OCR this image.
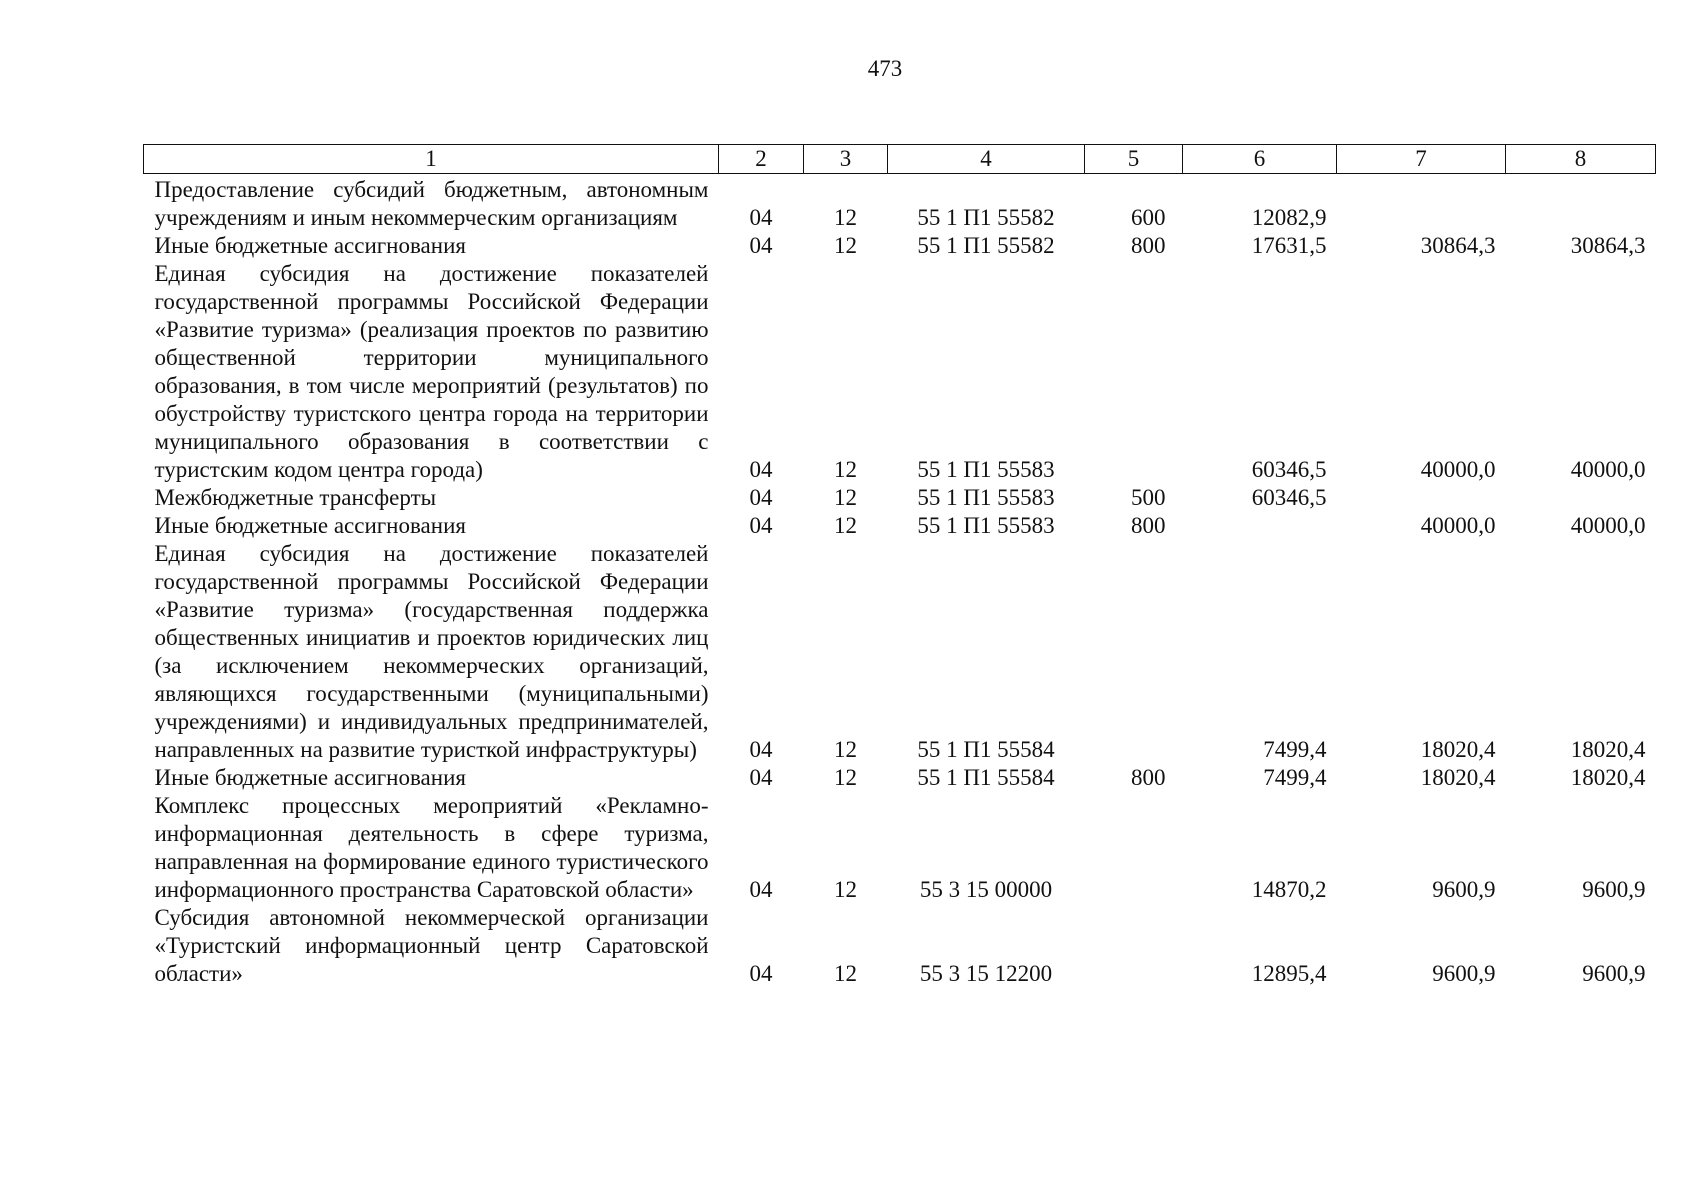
473
1	2	3	4	5	6	7	8
Предоставление субсидий бюджетным, автономным учреждениям и иным некоммерческим организациям	04	12	55 1 П1 55582	600	12082,9		
Иные бюджетные ассигнования	04	12	55 1 П1 55582	800	17631,5	30864,3	30864,3
Единая субсидия на достижение показателей государственной программы Российской Федерации «Развитие туризма» (реализация проектов по развитию общественной территории муниципального образования, в том числе мероприятий (результатов) по обустройству туристского центра города на территории муниципального образования в соответствии с туристским кодом центра города)	04	12	55 1 П1 55583		60346,5	40000,0	40000,0
Межбюджетные трансферты	04	12	55 1 П1 55583	500	60346,5		
Иные бюджетные ассигнования	04	12	55 1 П1 55583	800		40000,0	40000,0
Единая субсидия на достижение показателей государственной программы Российской Федерации «Развитие туризма» (государственная поддержка общественных инициатив и проектов юридических лиц (за исключением некоммерческих организаций, являющихся государственными (муниципальными) учреждениями) и индивидуальных предпринимателей, направленных на развитие туристкой инфраструктуры)	04	12	55 1 П1 55584		7499,4	18020,4	18020,4
Иные бюджетные ассигнования	04	12	55 1 П1 55584	800	7499,4	18020,4	18020,4
Комплекс процессных мероприятий «Рекламно-информационная деятельность в сфере туризма, направленная на формирование единого туристического информационного пространства Саратовской области»	04	12	55 3 15 00000		14870,2	9600,9	9600,9
Субсидия автономной некоммерческой организации «Туристский информационный центр Саратовской области»	04	12	55 3 15 12200		12895,4	9600,9	9600,9
